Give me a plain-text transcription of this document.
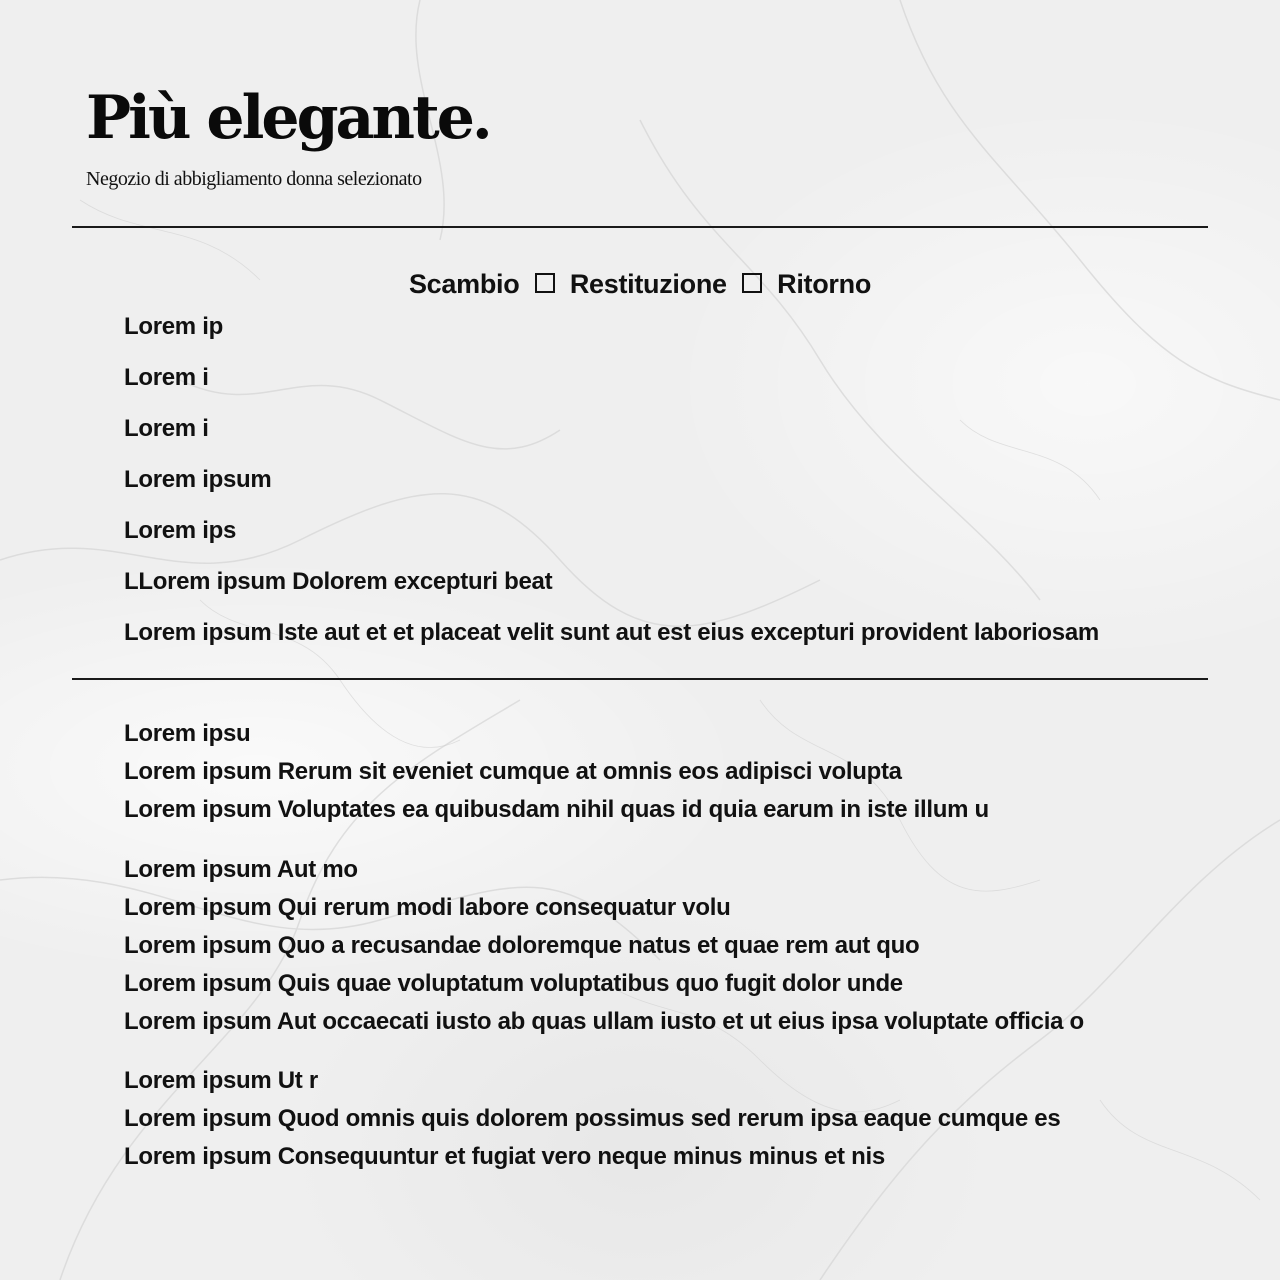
Più elegante.
Negozio di abbigliamento donna selezionato
Scambio Restituzione Ritorno
Lorem ip
Lorem i
Lorem i
Lorem ipsum
Lorem ips
LLorem ipsum Dolorem excepturi beat
Lorem ipsum Iste aut et et placeat velit sunt aut est eius excepturi provident laboriosam
Lorem ipsu
Lorem ipsum Rerum sit eveniet cumque at omnis eos adipisci volupta
Lorem ipsum Voluptates ea quibusdam nihil quas id quia earum in iste illum u
Lorem ipsum Aut mo
Lorem ipsum Qui rerum modi labore consequatur volu
Lorem ipsum Quo a recusandae doloremque natus et quae rem aut quo
Lorem ipsum Quis quae voluptatum voluptatibus quo fugit dolor unde
Lorem ipsum Aut occaecati iusto ab quas ullam iusto et ut eius ipsa voluptate officia o
Lorem ipsum Ut r
Lorem ipsum Quod omnis quis dolorem possimus sed rerum ipsa eaque cumque es
Lorem ipsum Consequuntur et fugiat vero neque minus minus et nis
